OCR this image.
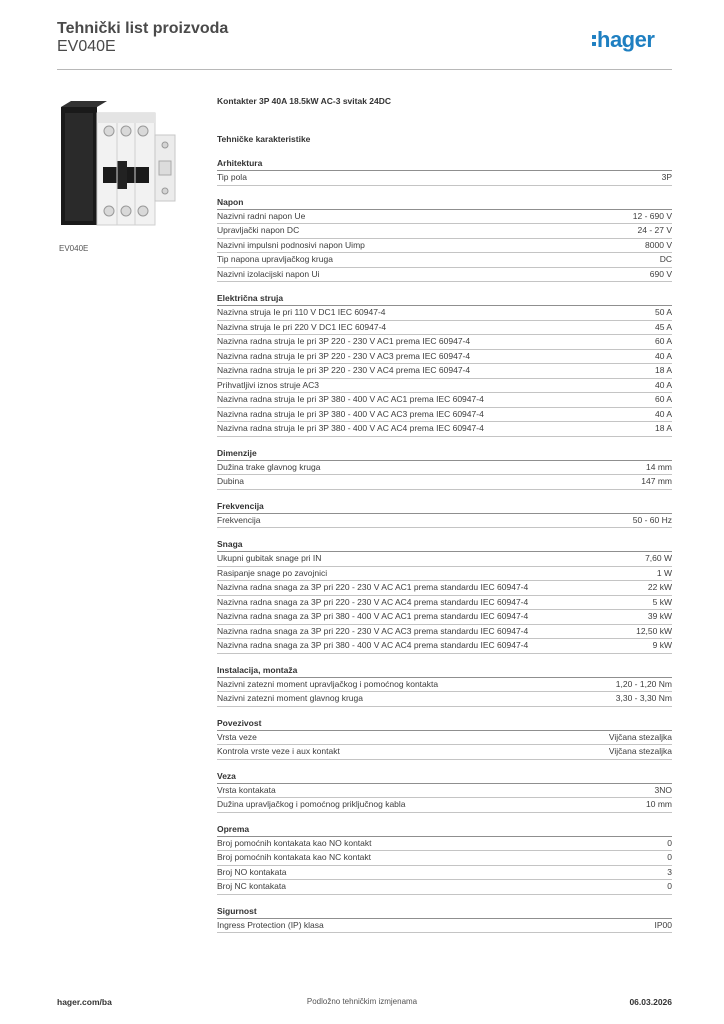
Tehnički list proizvoda
EV040E	hager
EV040E
Kontakter 3P 40A 18.5kW AC-3 svitak 24DC
Tehničke karakteristike
Arhitektura
Tip pola	3P
Napon
Nazivni radni napon Ue	12 - 690 V
Upravljački napon DC	24 - 27 V
Nazivni impulsni podnosivi napon Uimp	8000 V
Tip napona upravljačkog kruga	DC
Nazivni izolacijski napon Ui	690 V
Električna struja
Nazivna struja Ie pri 110 V DC1 IEC 60947-4	50 A
Nazivna struja Ie pri 220 V DC1 IEC 60947-4	45 A
Nazivna radna struja Ie pri 3P 220 - 230 V AC1 prema IEC 60947-4	60 A
Nazivna radna struja Ie pri 3P 220 - 230 V AC3 prema IEC 60947-4	40 A
Nazivna radna struja Ie pri 3P 220 - 230 V AC4 prema IEC 60947-4	18 A
Prihvatljivi iznos struje AC3	40 A
Nazivna radna struja Ie pri 3P 380 - 400 V AC AC1 prema IEC 60947-4	60 A
Nazivna radna struja Ie pri 3P 380 - 400 V AC AC3 prema IEC 60947-4	40 A
Nazivna radna struja Ie pri 3P 380 - 400 V AC AC4 prema IEC 60947-4	18 A
Dimenzije
Dužina trake glavnog kruga	14 mm
Dubina	147 mm
Frekvencija
Frekvencija	50 - 60 Hz
Snaga
Ukupni gubitak snage pri IN	7,60 W
Rasipanje snage po zavojnici	1 W
Nazivna radna snaga za 3P pri 220 - 230 V AC AC1 prema standardu IEC 60947-4	22 kW
Nazivna radna snaga za 3P pri 220 - 230 V AC AC4 prema standardu IEC 60947-4	5 kW
Nazivna radna snaga za 3P pri 380 - 400 V AC AC1 prema standardu IEC 60947-4	39 kW
Nazivna radna snaga za 3P pri 220 - 230 V AC AC3 prema standardu IEC 60947-4	12,50 kW
Nazivna radna snaga za 3P pri 380 - 400 V AC AC4 prema standardu IEC 60947-4	9 kW
Instalacija, montaža
Nazivni zatezni moment upravljačkog i pomoćnog kontakta	1,20 - 1,20 Nm
Nazivni zatezni moment glavnog kruga	3,30 - 3,30 Nm
Povezivost
Vrsta veze	Vijčana stezaljka
Kontrola vrste veze i aux kontakt	Vijčana stezaljka
Veza
Vrsta kontakata	3NO
Dužina upravljačkog i pomoćnog priključnog kabla	10 mm
Oprema
Broj pomoćnih kontakata kao NO kontakt	0
Broj pomoćnih kontakata kao NC kontakt	0
Broj NO kontakata	3
Broj NC kontakata	0
Sigurnost
Ingress Protection (IP) klasa	IP00
hager.com/ba	Podložno tehničkim izmjenama	06.03.2026
